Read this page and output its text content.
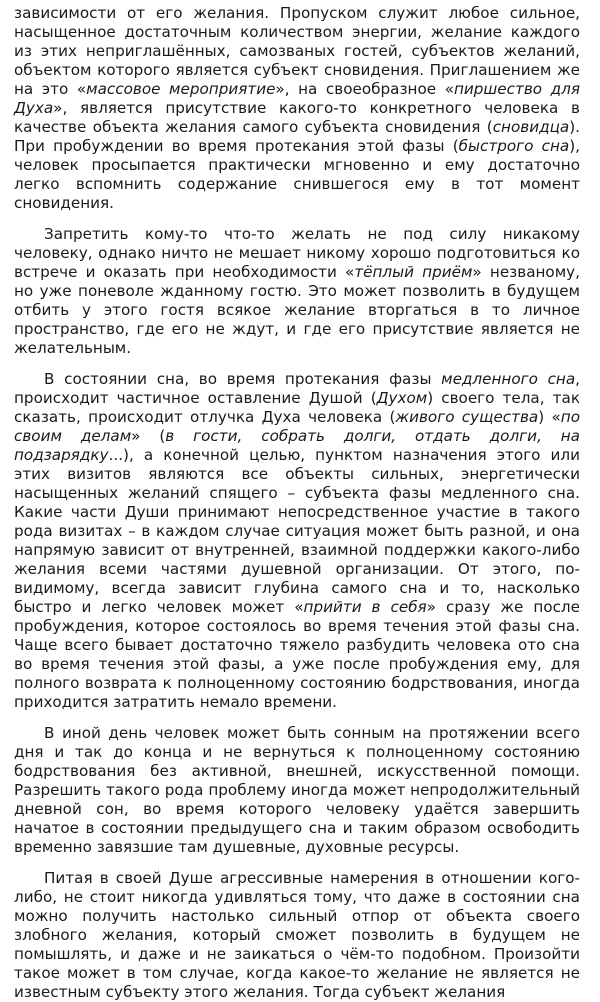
зависимости от его желания. Пропуском служит любое сильное, насыщенное достаточным количеством энергии, желание каждого из этих неприглашённых, самозваных гостей, субъектов желаний, объектом которого является субъект сновидения. Приглашением же на это «массовое мероприятие», на своеобразное «пиршество для Духа», является присутствие какого-то конкретного человека в качестве объекта желания самого субъекта сновидения (сновидца). При пробуждении во время протекания этой фазы (быстрого сна), человек просыпается практически мгновенно и ему достаточно легко вспомнить содержание снившегося ему в тот момент сновидения.

Запретить кому-то что-то желать не под силу никакому человеку, однако ничто не мешает никому хорошо подготовиться ко встрече и оказать при необходимости «тёплый приём» незваному, но уже поневоле жданному гостю. Это может позволить в будущем отбить у этого гостя всякое желание вторгаться в то личное пространство, где его не ждут, и где его присутствие является не желательным.

В состоянии сна, во время протекания фазы медленного сна, происходит частичное оставление Душой (Духом) своего тела, так сказать, происходит отлучка Духа человека (живого существа) «по своим делам» (в гости, собрать долги, отдать долги, на подзарядку...), а конечной целью, пунктом назначения этого или этих визитов являются все объекты сильных, энергетически насыщенных желаний спящего – субъекта фазы медленного сна. Какие части Души принимают непосредственное участие в такого рода визитах – в каждом случае ситуация может быть разной, и она напрямую зависит от внутренней, взаимной поддержки какого-либо желания всеми частями душевной организации. От этого, по-видимому, всегда зависит глубина самого сна и то, насколько быстро и легко человек может «прийти в себя» сразу же после пробуждения, которое состоялось во время течения этой фазы сна. Чаще всего бывает достаточно тяжело разбудить человека ото сна во время течения этой фазы, а уже после пробуждения ему, для полного возврата к полноценному состоянию бодрствования, иногда приходится затратить немало времени.

В иной день человек может быть сонным на протяжении всего дня и так до конца и не вернуться к полноценному состоянию бодрствования без активной, внешней, искусственной помощи. Разрешить такого рода проблему иногда может непродолжительный дневной сон, во время которого человеку удаётся завершить начатое в состоянии предыдущего сна и таким образом освободить временно завязшие там душевные, духовные ресурсы.

Питая в своей Душе агрессивные намерения в отношении кого-либо, не стоит никогда удивляться тому, что даже в состоянии сна можно получить настолько сильный отпор от объекта своего злобного желания, который сможет позволить в будущем не помышлять, и даже и не заикаться о чём-то подобном. Произойти такое может в том случае, когда какое-то желание не является не известным субъекту этого желания. Тогда субъект желания
